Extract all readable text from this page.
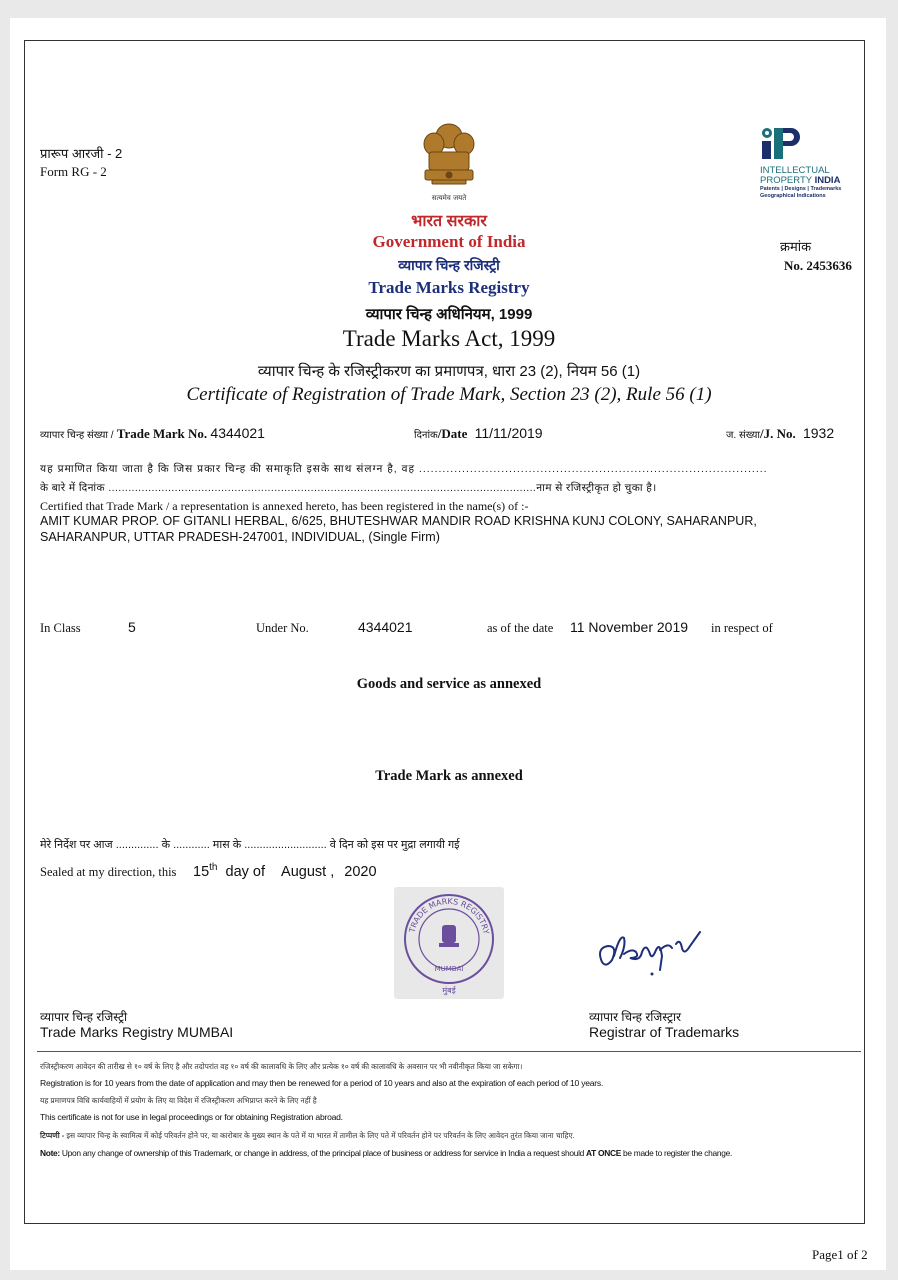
प्रारूप आरजी - 2
Form RG - 2
सत्यमेव जयते
INTELLECTUAL
PROPERTY INDIA
Patents | Designs | Trademarks
Geographical Indications
भारत सरकार
Government of India
व्यापार चिन्ह रजिस्ट्री
Trade Marks Registry
व्यापार चिन्ह अधिनियम, 1999
Trade Marks Act, 1999
व्यापार चिन्ह के रजिस्ट्रीकरण का प्रमाणपत्र, धारा 23 (2), नियम 56 (1)
Certificate of Registration of Trade Mark, Section 23 (2), Rule 56 (1)
क्रमांक
No. 2453636
व्यापार चिन्ह संख्या / Trade Mark No. 4344021	दिनांक/Date 11/11/2019	ज. संख्या/J. No. 1932
यह प्रमाणित किया जाता है कि जिस प्रकार चिन्ह की समाकृति इसके साथ संलग्न है, वह .........................................................................................
के बारे में दिनांक .................................................................................................................................नाम से रजिस्ट्रीकृत हो चुका है।
Certified that Trade Mark / a representation is annexed hereto, has been registered in the name(s) of :-
AMIT KUMAR PROP. OF GITANLI HERBAL, 6/625, BHUTESHWAR MANDIR ROAD KRISHNA KUNJ COLONY, SAHARANPUR,
SAHARANPUR, UTTAR PRADESH-247001, INDIVIDUAL, (Single Firm)
In Class	5	Under No.	4344021	as of the date 11 November 2019 in respect of
Goods and service as annexed
Trade Mark as annexed
मेरे निर्देश पर आज .............. के ............ मास के ........................... वे दिन को इस पर मुद्रा लगायी गई
Sealed at my direction, this 15th day of August , 2020
TRADE MARKS REGISTRY
MUMBAI
मुंबई
व्यापार चिन्ह रजिस्ट्री
Trade Marks Registry MUMBAI
व्यापार चिन्ह रजिस्ट्रार
Registrar of Trademarks
रजिस्ट्रीकरण आवेदन की तारीख से १० वर्ष के लिए है और तदोपरांत वह १० वर्ष की कालावधि के लिए और प्रत्येक १० वर्ष की कालावधि के अवसान पर भी नवीनीकृत किया जा सकेगा।
Registration is for 10 years from the date of application and may then be renewed for a period of 10 years and also at the expiration of each period of 10 years.
यह प्रमाणपत्र विधि कार्यवाहियों में प्रयोग के लिए या विदेश में रजिस्ट्रीकरण अभिप्राप्त करने के लिए नहीं है
This certificate is not for use in legal proceedings or for obtaining Registration abroad.
टिप्पणी - इस व्यापार चिन्ह के स्वामित्व में कोई परिवर्तन होने पर, या कारोबार के मुख्य स्थान के पते में या भारत में तामील के लिए पते में परिवर्तन होने पर परिवर्तन के लिए आवेदन तुरंत किया जाना चाहिए.
Note: Upon any change of ownership of this Trademark, or change in address, of the principal place of business or address for service in India a request should AT ONCE be made to register the change.
Page1 of 2
